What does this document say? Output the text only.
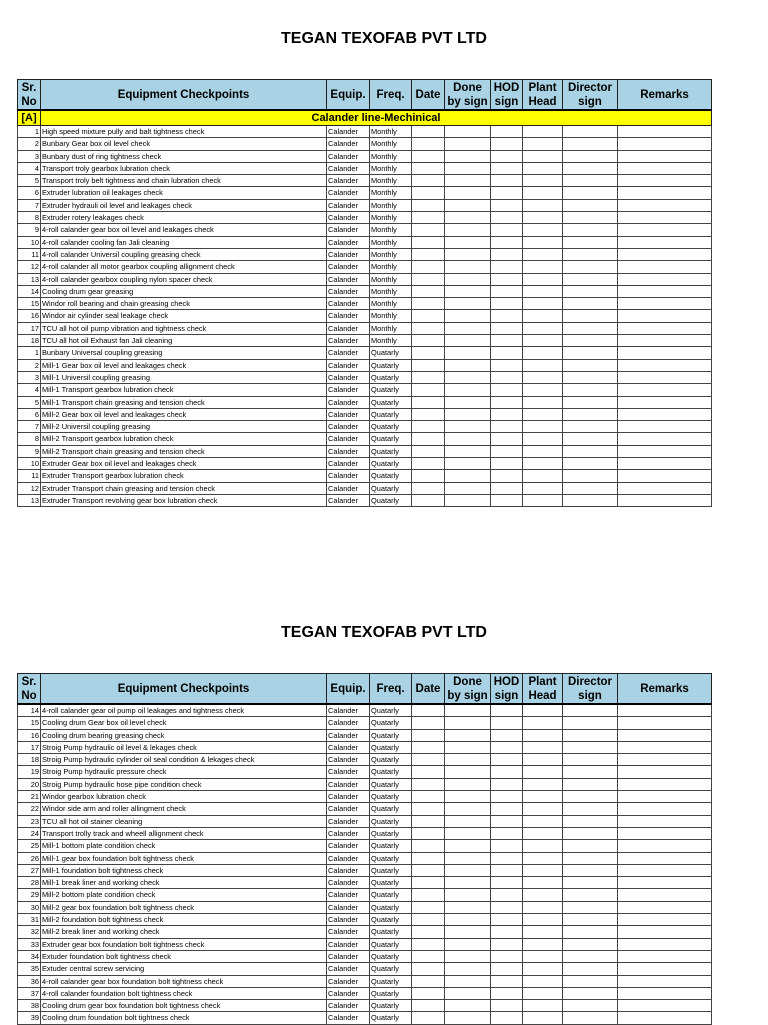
TEGAN TEXOFAB PVT LTD
Sr. No	Equipment Checkpoints	Equip.	Freq.	Date	Done by sign	HOD sign	Plant Head	Director sign	Remarks
[A]	Calander line-Mechinical								
1	High speed mixture pully and balt tightness check	Calander	Monthly						
2	Bunbary Gear box oil level check	Calander	Monthly						
3	Bunbary dust of ring tightness check	Calander	Monthly						
4	Transport troly gearbox lubration check	Calander	Monthly						
5	Transport troly belt tightness and chain lubration check	Calander	Monthly						
6	Extruder lubration oil leakages check	Calander	Monthly						
7	Extruder hydrauli oil level and leakages check	Calander	Monthly						
8	Extruder rotery leakages check	Calander	Monthly						
9	4-roll calander gear box oil level and leakages check	Calander	Monthly						
10	4-roll calander cooling fan Jali cleaning	Calander	Monthly						
11	4-roll calander Universil coupling greasing check	Calander	Monthly						
12	4-roll calander all motor gearbox coupling allignment check	Calander	Monthly						
13	4-roll calander gearbox coupling nylon spacer check	Calander	Monthly						
14	Cooling drum gear greasing	Calander	Monthly						
15	Windor roll bearing and chain greasing check	Calander	Monthly						
16	Windor air cylinder seal leakage check	Calander	Monthly						
17	TCU all hot oil pump vibration and tightness check	Calander	Monthly						
18	TCU all hot oil Exhaust fan Jali cleaning	Calander	Monthly						
1	Bunbary Universal coupling greasing	Calander	Quatarly						
2	Mill-1 Gear box oil level and leakages check	Calander	Quatarly						
3	Mill-1 Universil coupling greasing	Calander	Quatarly						
4	Mill-1 Transport gearbox lubration check	Calander	Quatarly						
5	Mill-1 Transport chain greasing and tension check	Calander	Quatarly						
6	Mill-2 Gear box oil level and leakages check	Calander	Quatarly						
7	Mill-2 Universil coupling greasing	Calander	Quatarly						
8	Mill-2 Transport gearbox lubration check	Calander	Quatarly						
9	Mill-2 Transport chain greasing and tension check	Calander	Quatarly						
10	Extruder Gear box oil level and leakages check	Calander	Quatarly						
11	Extruder Transport gearbox lubration check	Calander	Quatarly						
12	Extruder Transport chain greasing and tension check	Calander	Quatarly						
13	Extruder Transport revolving gear box lubration check	Calander	Quatarly						
TEGAN TEXOFAB PVT LTD
Sr. No	Equipment Checkpoints	Equip.	Freq.	Date	Done by sign	HOD sign	Plant Head	Director sign	Remarks
14	4-roll calander gear oil pump oil leakages and tightness check	Calander	Quatarly						
15	Cooling drum Gear box oil level check	Calander	Quatarly						
16	Cooling drum bearing greasing check	Calander	Quatarly						
17	Stroig Pump hydraulic oil level & lekages check	Calander	Quatarly						
18	Stroig Pump hydraulic cylinder oil seal condition & lekages check	Calander	Quatarly						
19	Stroig Pump hydraulic pressure check	Calander	Quatarly						
20	Stroig Pump hydraulic hose pipe condition check	Calander	Quatarly						
21	Windor gearbox lubration check	Calander	Quatarly						
22	Windor side arm and roller allingment check	Calander	Quatarly						
23	TCU all hot oil stainer cleaning	Calander	Quatarly						
24	Transport trolly track and wheell allignment check	Calander	Quatarly						
25	Mill-1 bottom plate condition check	Calander	Quatarly						
26	Mill-1 gear box foundation bolt tightness check	Calander	Quatarly						
27	Mill-1 foundation bolt tightness check	Calander	Quatarly						
28	Mill-1 break liner and working check	Calander	Quatarly						
29	Mill-2 bottom plate condition check	Calander	Quatarly						
30	Mill-2 gear box foundation bolt tightness check	Calander	Quatarly						
31	Mill-2 foundation bolt tightness check	Calander	Quatarly						
32	Mill-2 break liner and working check	Calander	Quatarly						
33	Extruder gear box foundation bolt tightness check	Calander	Quatarly						
34	Extuder foundation bolt tightness check	Calander	Quatarly						
35	Extuder central screw servicing	Calander	Quatarly						
36	4-roll calander gear box foundation bolt tightness check	Calander	Quatarly						
37	4-roll calander foundation bolt tightness check	Calander	Quatarly						
38	Cooling drum gear box foundation bolt tightness check	Calander	Quatarly						
39	Cooling drum foundation bolt tightness check	Calander	Quatarly						
